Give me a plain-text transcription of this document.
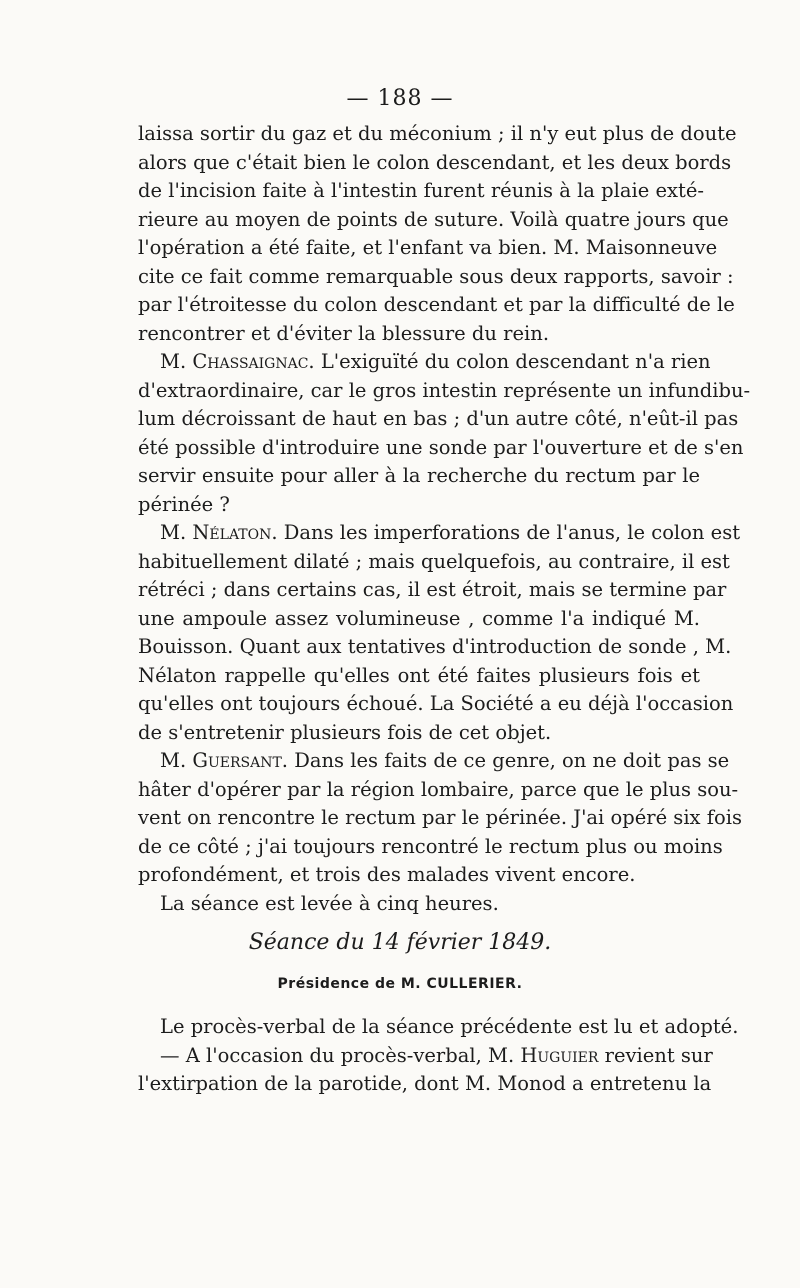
— 188 —
laissa sortir du gaz et du méconium ; il n'y eut plus de doute
alors que c'était bien le colon descendant, et les deux bords
de l'incision faite à l'intestin furent réunis à la plaie exté-
rieure au moyen de points de suture. Voilà quatre jours que
l'opération a été faite, et l'enfant va bien. M. Maisonneuve
cite ce fait comme remarquable sous deux rapports, savoir :
par l'étroitesse du colon descendant et par la difficulté de le
rencontrer et d'éviter la blessure du rein.
M. Chassaignac. L'exiguïté du colon descendant n'a rien
d'extraordinaire, car le gros intestin représente un infundibu-
lum décroissant de haut en bas ; d'un autre côté, n'eût-il pas
été possible d'introduire une sonde par l'ouverture et de s'en
servir ensuite pour aller à la recherche du rectum par le
périnée ?
M. Nélaton. Dans les imperforations de l'anus, le colon est
habituellement dilaté ; mais quelquefois, au contraire, il est
rétréci ; dans certains cas, il est étroit, mais se termine par
une ampoule assez volumineuse , comme l'a indiqué M.
Bouisson. Quant aux tentatives d'introduction de sonde , M.
Nélaton rappelle qu'elles ont été faites plusieurs fois et
qu'elles ont toujours échoué. La Société a eu déjà l'occasion
de s'entretenir plusieurs fois de cet objet.
M. Guersant. Dans les faits de ce genre, on ne doit pas se
hâter d'opérer par la région lombaire, parce que le plus sou-
vent on rencontre le rectum par le périnée. J'ai opéré six fois
de ce côté ; j'ai toujours rencontré le rectum plus ou moins
profondément, et trois des malades vivent encore.
La séance est levée à cinq heures.
Séance du 14 février 1849.
Présidence de M. CULLERIER.
Le procès-verbal de la séance précédente est lu et adopté.
— A l'occasion du procès-verbal, M. Huguier revient sur
l'extirpation de la parotide, dont M. Monod a entretenu la
